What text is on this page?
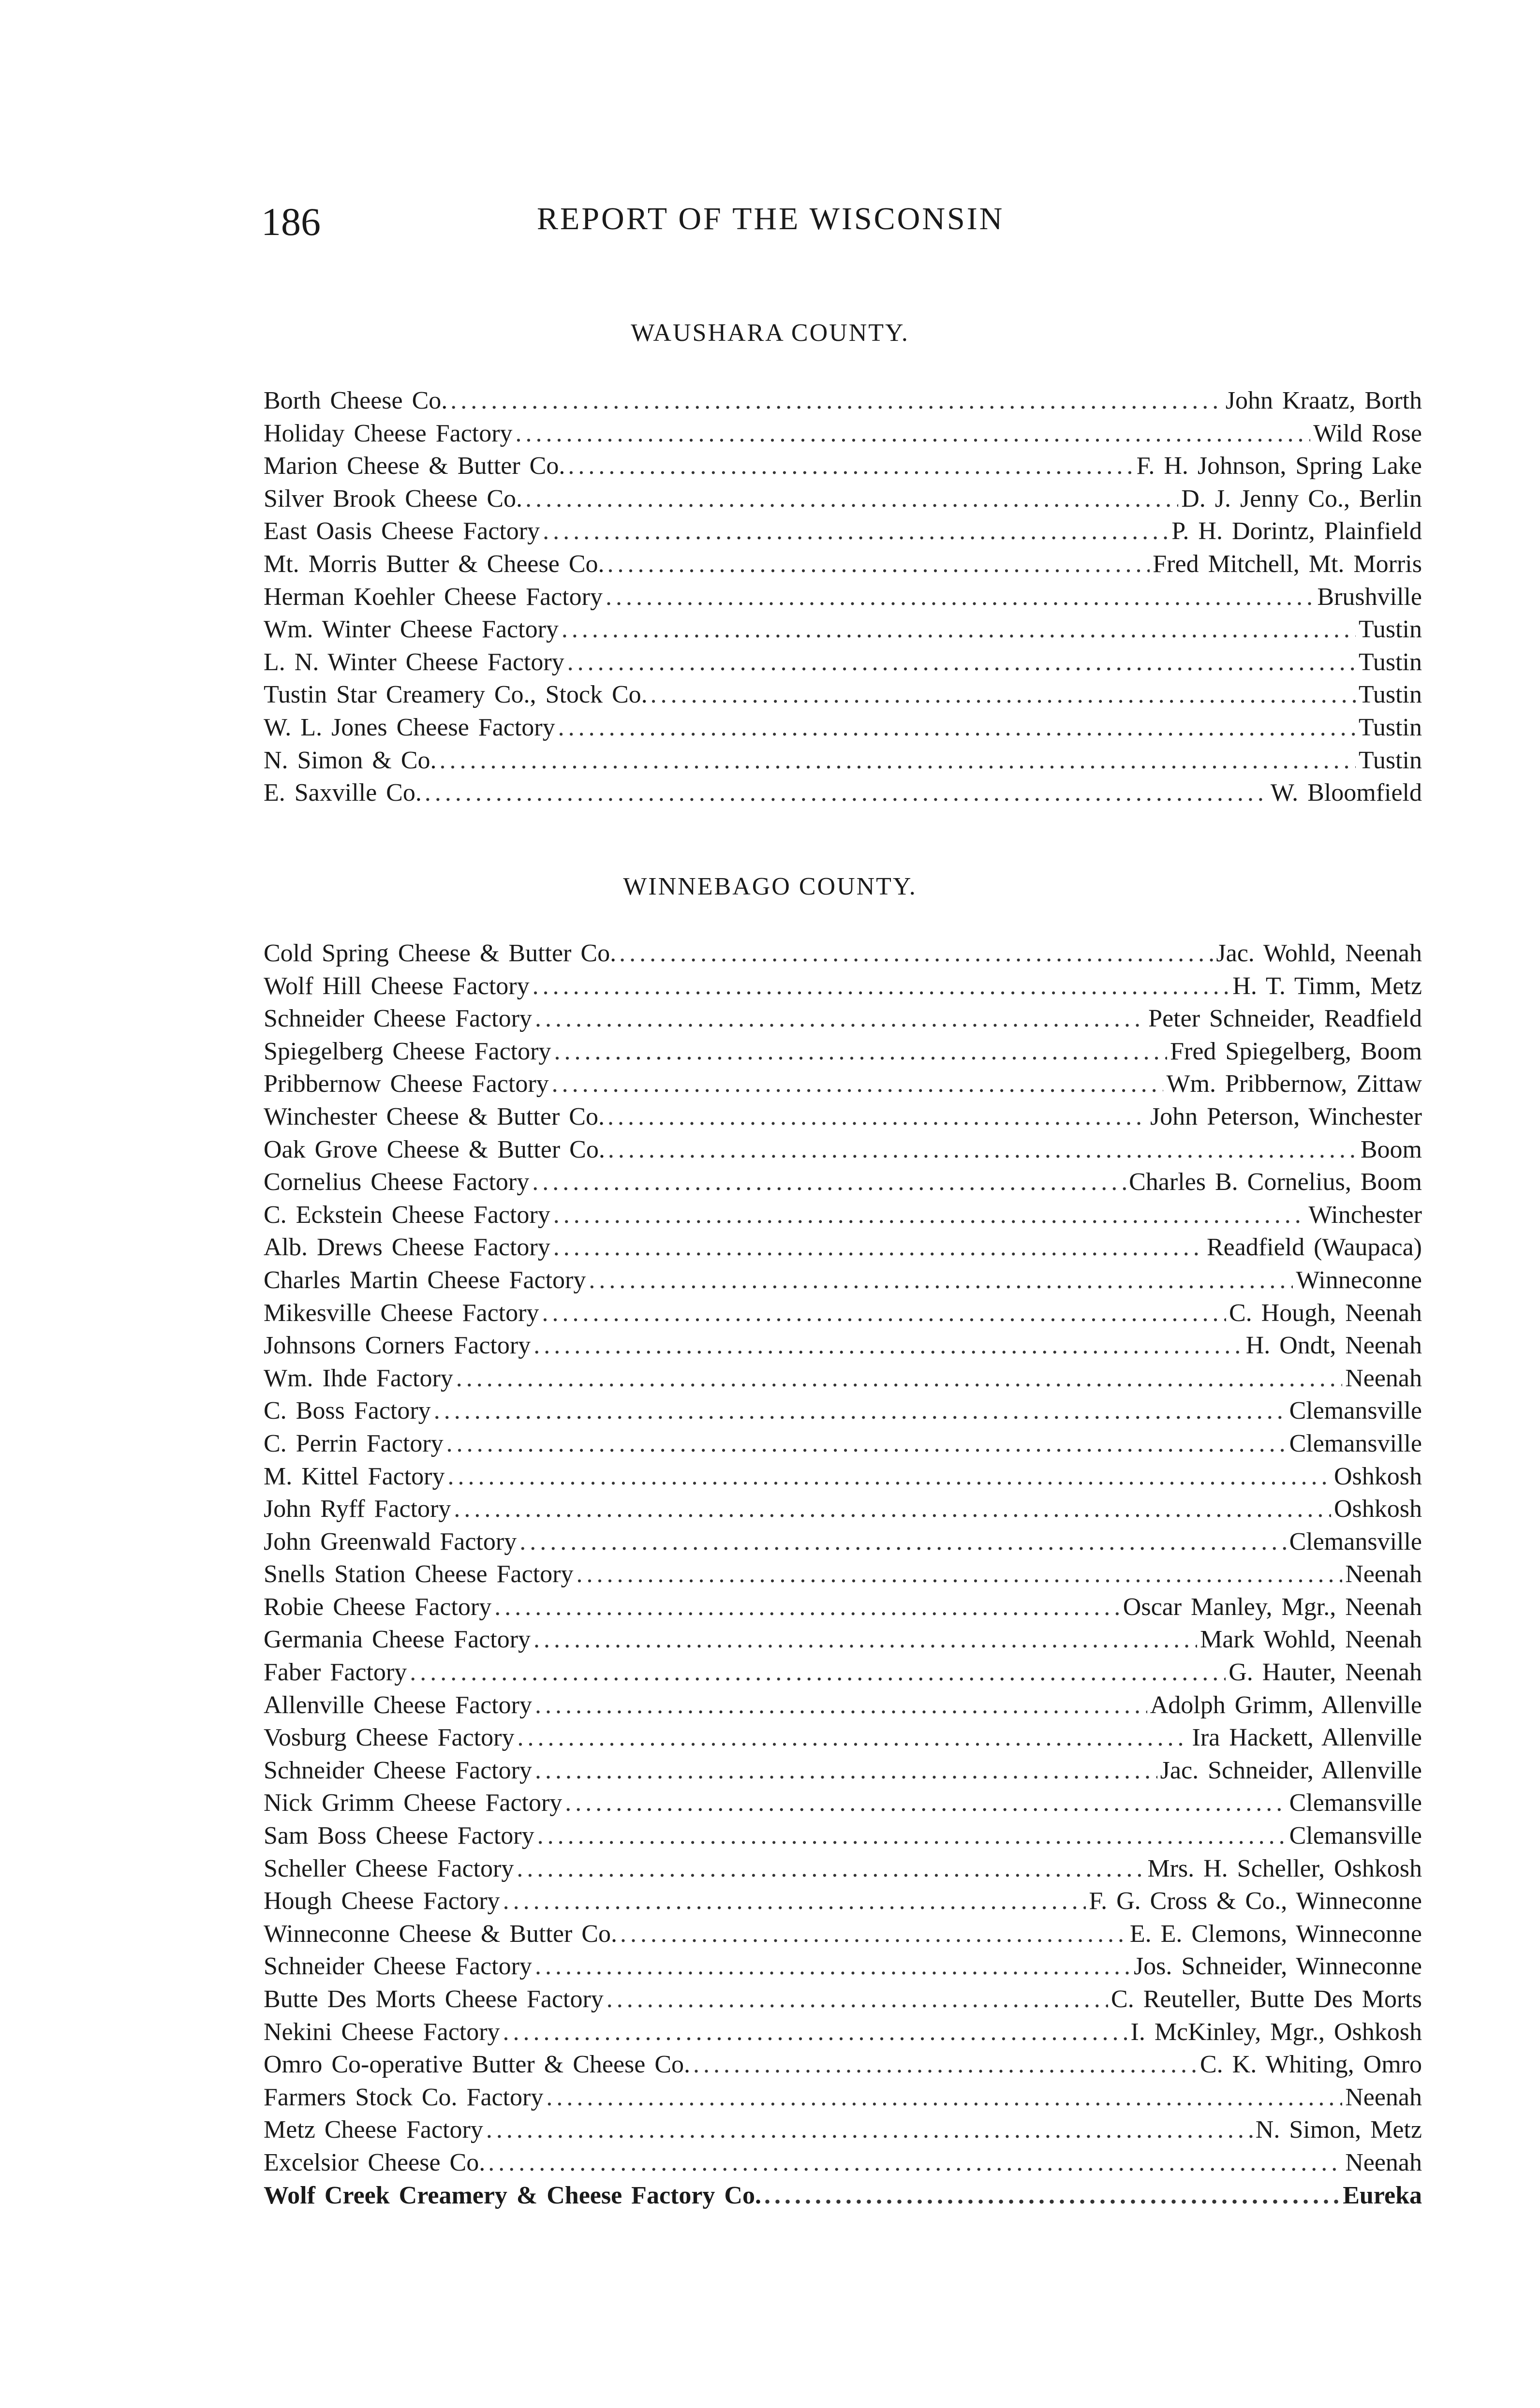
186	REPORT OF THE WISCONSIN
WAUSHARA COUNTY.
Borth Cheese Co. .....	John Kraatz, Borth
Holiday Cheese Factory .....	Wild Rose
Marion Cheese & Butter Co. .....	F. H. Johnson, Spring Lake
Silver Brook Cheese Co. .....	D. J. Jenny Co., Berlin
East Oasis Cheese Factory .....	P. H. Dorintz, Plainfield
Mt. Morris Butter & Cheese Co. .....	Fred Mitchell, Mt. Morris
Herman Koehler Cheese Factory .....	Brushville
Wm. Winter Cheese Factory .....	Tustin
L. N. Winter Cheese Factory .....	Tustin
Tustin Star Creamery Co., Stock Co. .....	Tustin
W. L. Jones Cheese Factory .....	Tustin
N. Simon & Co. .....	Tustin
E. Saxville Co. .....	W. Bloomfield
WINNEBAGO COUNTY.
Cold Spring Cheese & Butter Co. .....	Jac. Wohld, Neenah
Wolf Hill Cheese Factory .....	H. T. Timm, Metz
Schneider Cheese Factory .....	Peter Schneider, Readfield
Spiegelberg Cheese Factory .....	Fred Spiegelberg, Boom
Pribbernow Cheese Factory .....	Wm. Pribbernow, Zittaw
Winchester Cheese & Butter Co. .....	John Peterson, Winchester
Oak Grove Cheese & Butter Co. .....	Boom
Cornelius Cheese Factory .....	Charles B. Cornelius, Boom
C. Eckstein Cheese Factory .....	Winchester
Alb. Drews Cheese Factory .....	Readfield (Waupaca)
Charles Martin Cheese Factory .....	Winneconne
Mikesville Cheese Factory .....	C. Hough, Neenah
Johnsons Corners Factory .....	H. Ondt, Neenah
Wm. Ihde Factory .....	Neenah
C. Boss Factory .....	Clemansville
C. Perrin Factory .....	Clemansville
M. Kittel Factory .....	Oshkosh
John Ryff Factory .....	Oshkosh
John Greenwald Factory .....	Clemansville
Snells Station Cheese Factory .....	Neenah
Robie Cheese Factory .....	Oscar Manley, Mgr., Neenah
Germania Cheese Factory .....	Mark Wohld, Neenah
Faber Factory .....	G. Hauter, Neenah
Allenville Cheese Factory .....	Adolph Grimm, Allenville
Vosburg Cheese Factory .....	Ira Hackett, Allenville
Schneider Cheese Factory .....	Jac. Schneider, Allenville
Nick Grimm Cheese Factory .....	Clemansville
Sam Boss Cheese Factory .....	Clemansville
Scheller Cheese Factory .....	Mrs. H. Scheller, Oshkosh
Hough Cheese Factory .....	F. G. Cross & Co., Winneconne
Winneconne Cheese & Butter Co. .....	E. E. Clemons, Winneconne
Schneider Cheese Factory .....	Jos. Schneider, Winneconne
Butte Des Morts Cheese Factory .....	C. Reuteller, Butte Des Morts
Nekini Cheese Factory .....	I. McKinley, Mgr., Oshkosh
Omro Co-operative Butter & Cheese Co. .....	C. K. Whiting, Omro
Farmers Stock Co. Factory .....	Neenah
Metz Cheese Factory .....	N. Simon, Metz
Excelsior Cheese Co. .....	Neenah
Wolf Creek Creamery & Cheese Factory Co. .....	Eureka
